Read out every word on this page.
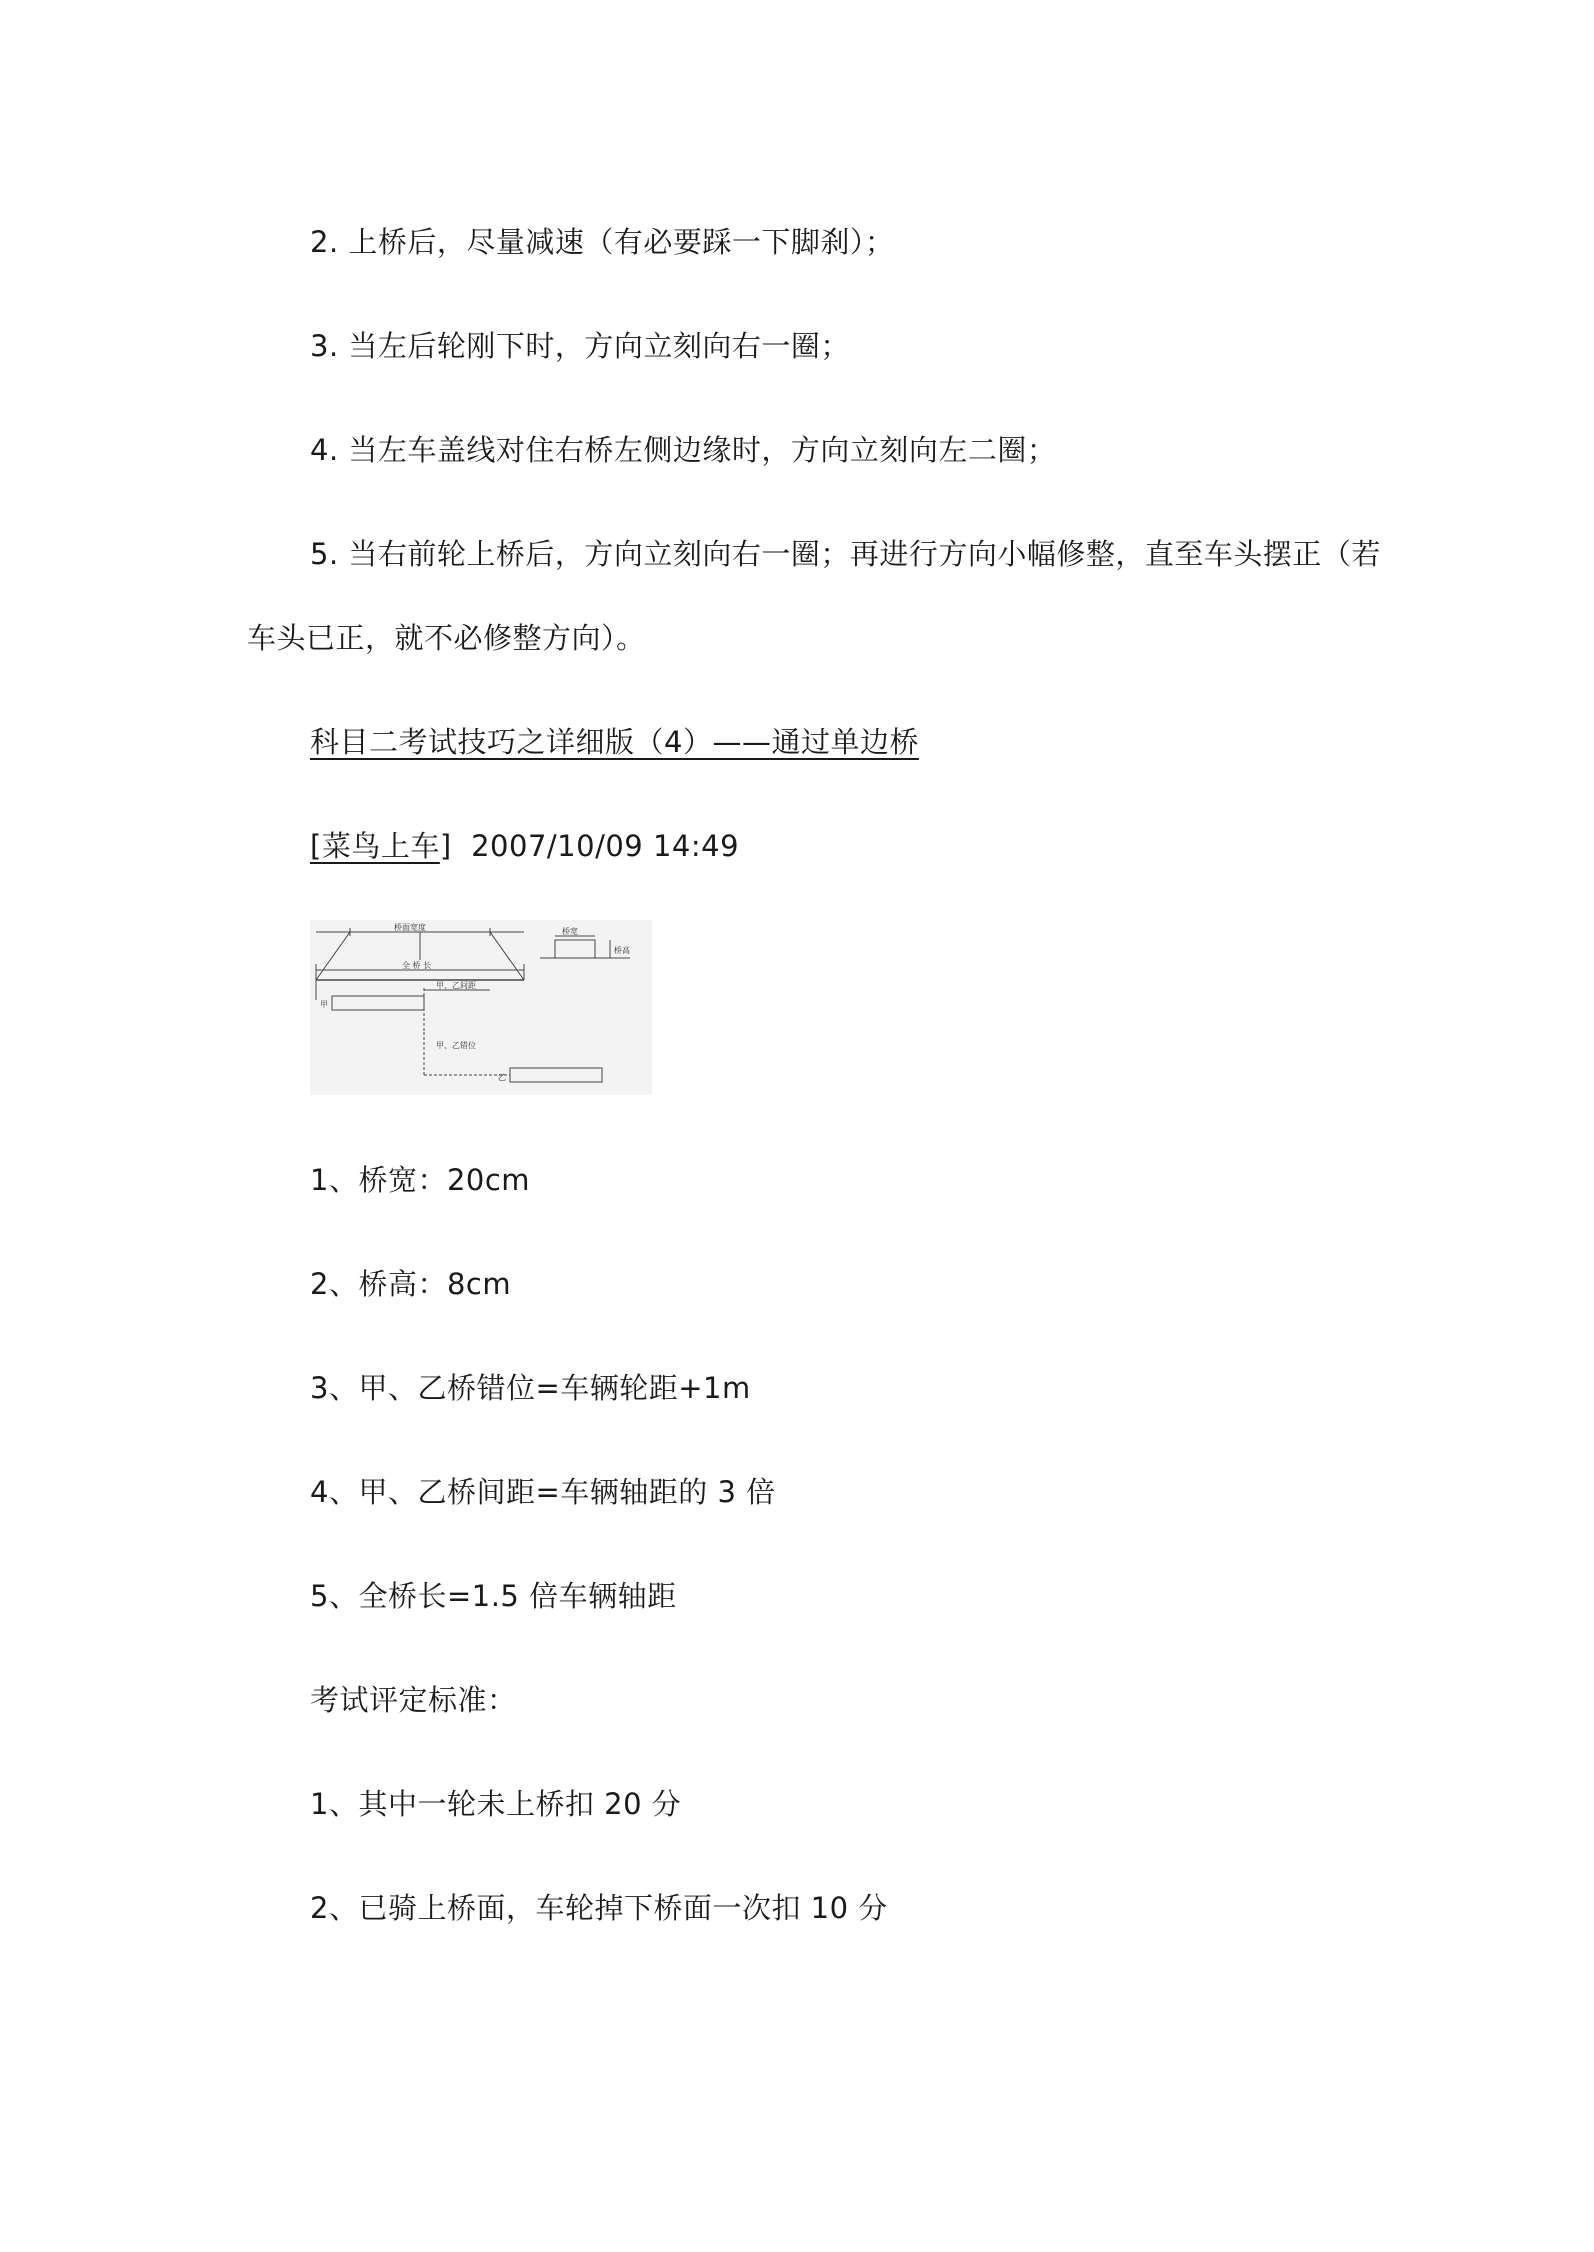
2. 上桥后，尽量减速（有必要踩一下脚刹）；
3. 当左后轮刚下时，方向立刻向右一圈；
4. 当左车盖线对住右桥左侧边缘时，方向立刻向左二圈；
5. 当右前轮上桥后，方向立刻向右一圈；再进行方向小幅修整，直至车头摆正（若
车头已正，就不必修整方向）。
科目二考试技巧之详细版（4）——通过单边桥
[菜鸟上车] 2007/10/09 14:49
桥面宽度
全 桥 长
甲、乙间距
甲、乙错位
甲
乙
桥宽
桥高
1、桥宽：20cm
2、桥高：8cm
3、甲、乙桥错位=车辆轮距+1m
4、甲、乙桥间距=车辆轴距的 3 倍
5、全桥长=1.5 倍车辆轴距
考试评定标准：
1、其中一轮未上桥扣 20 分
2、已骑上桥面，车轮掉下桥面一次扣 10 分
